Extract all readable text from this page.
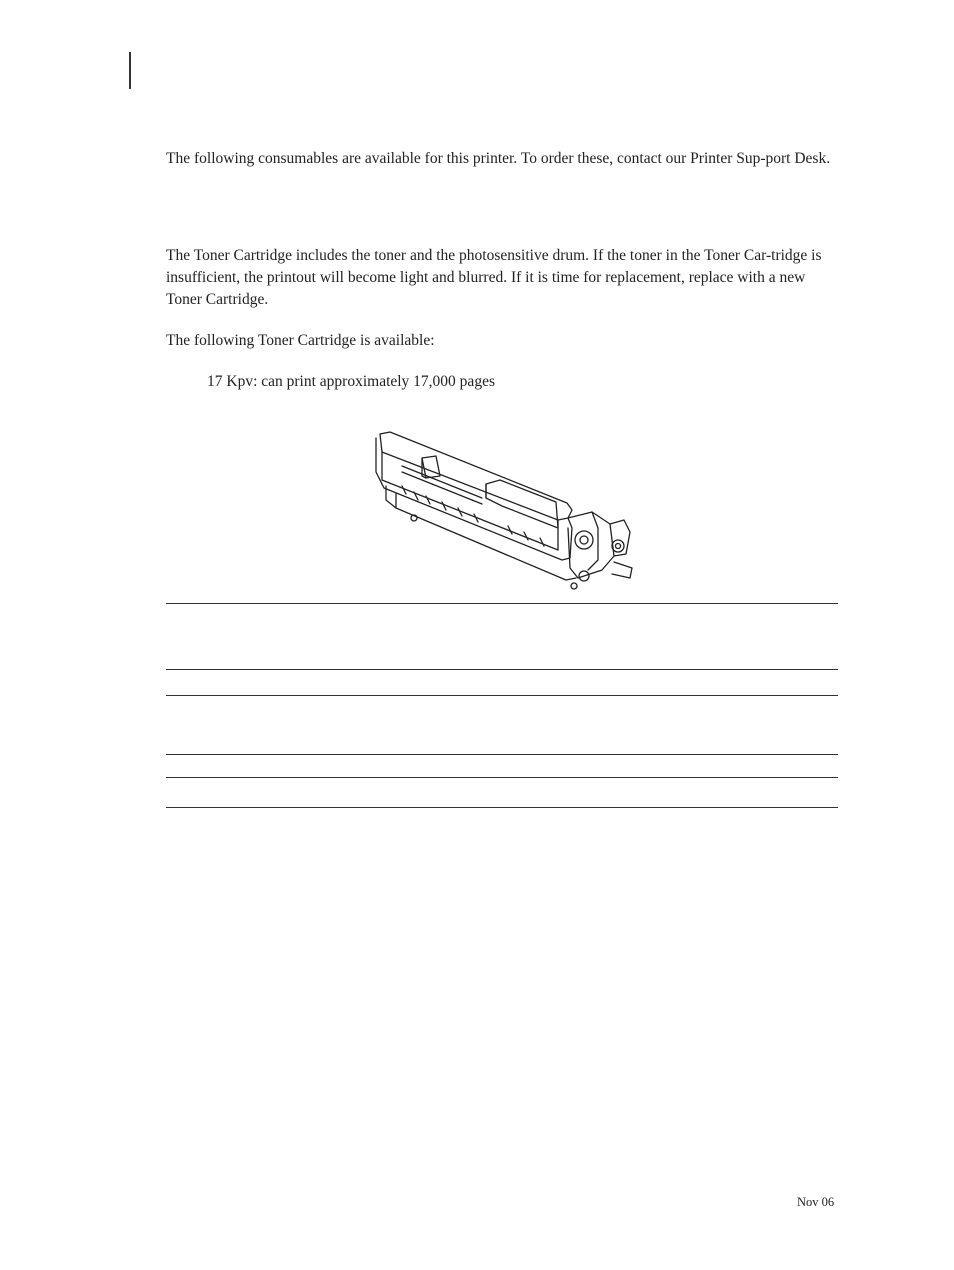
The following consumables are available for this printer. To order these, contact our Printer Sup-port Desk.

The Toner Cartridge includes the toner and the photosensitive drum. If the toner in the Toner Car-tridge is insufficient, the printout will become light and blurred. If it is time for replacement, replace with a new Toner Cartridge.

The following Toner Cartridge is available:

17 Kpv: can print approximately 17,000 pages

Nov 06
